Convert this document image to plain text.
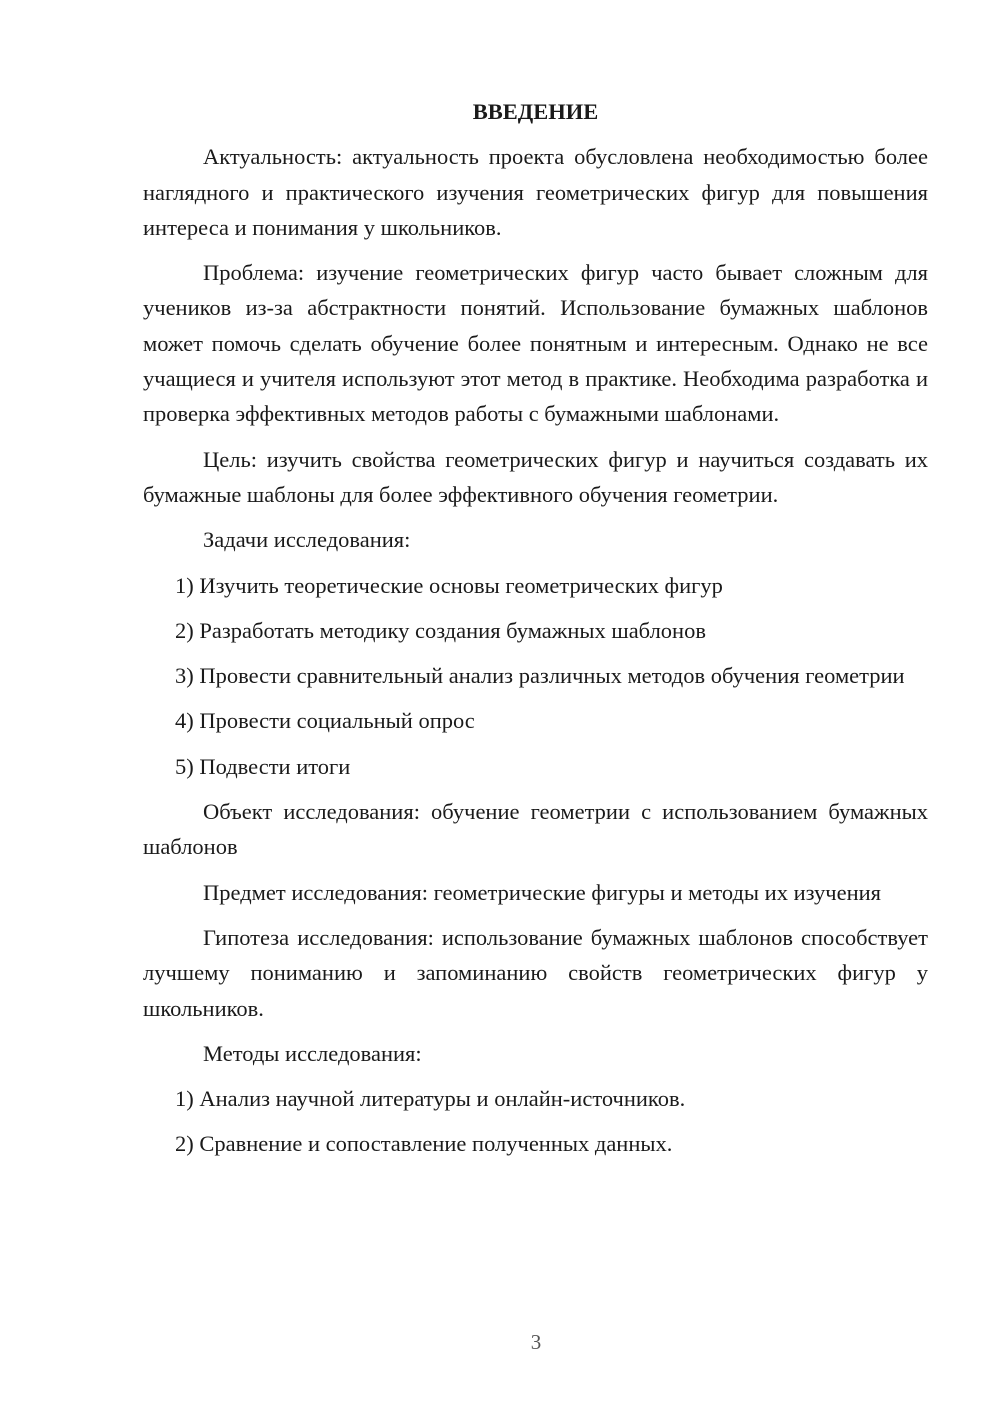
ВВЕДЕНИЕ

Актуальность: актуальность проекта обусловлена необходимостью более наглядного и практического изучения геометрических фигур для повышения интереса и понимания у школьников.

Проблема: изучение геометрических фигур часто бывает сложным для учеников из-за абстрактности понятий. Использование бумажных шаблонов может помочь сделать обучение более понятным и интересным. Однако не все учащиеся и учителя используют этот метод в практике. Необходима разработка и проверка эффективных методов работы с бумажными шаблонами.

Цель: изучить свойства геометрических фигур и научиться создавать их бумажные шаблоны для более эффективного обучения геометрии.

Задачи исследования:

1) Изучить теоретические основы геометрических фигур

2) Разработать методику создания бумажных шаблонов

3) Провести сравнительный анализ различных методов обучения геометрии

4) Провести социальный опрос

5) Подвести итоги

Объект исследования: обучение геометрии с использованием бумажных шаблонов

Предмет исследования: геометрические фигуры и методы их изучения

Гипотеза исследования: использование бумажных шаблонов способствует лучшему пониманию и запоминанию свойств геометрических фигур у школьников.

Методы исследования:

1) Анализ научной литературы и онлайн-источников.

2) Сравнение и сопоставление полученных данных.

3
